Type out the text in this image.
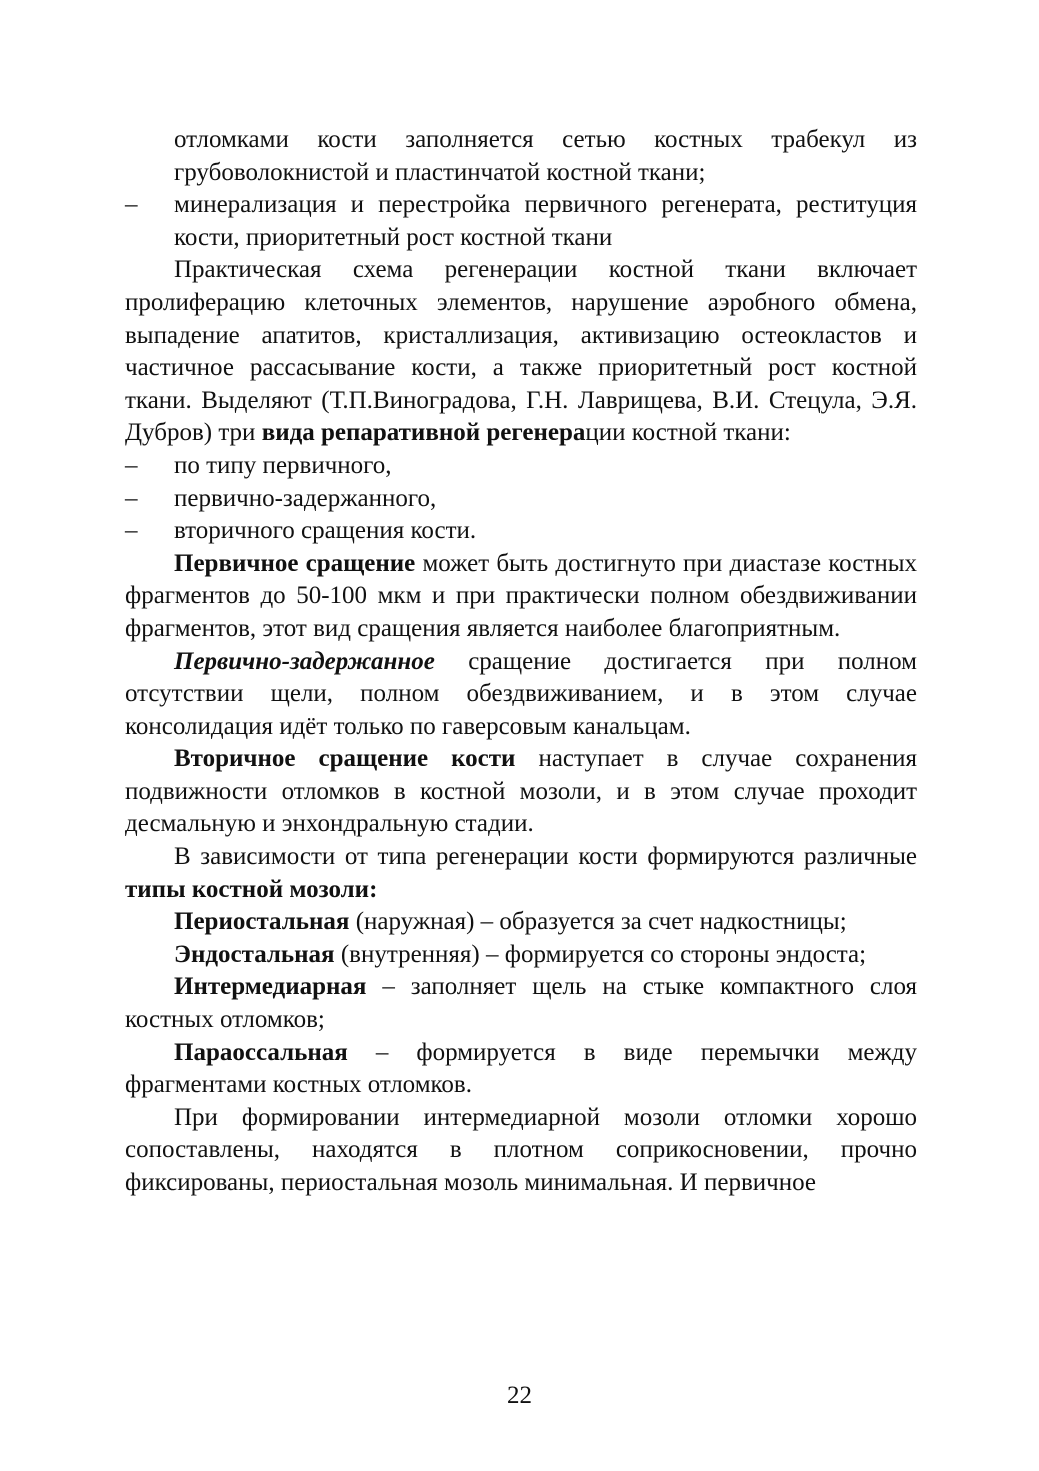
отломками кости заполняется сетью костных трабекул из грубоволокнистой и пластинчатой костной ткани;

– минерализация и перестройка первичного регенерата, реституция кости, приоритетный рост костной ткани

Практическая схема регенерации костной ткани включает пролиферацию клеточных элементов, нарушение аэробного обмена, выпадение апатитов, кристаллизация, активизацию остеокластов и частичное рассасывание кости, а также приоритетный рост костной ткани. Выделяют (Т.П.Виноградова, Г.Н. Лаврищева, В.И. Стецула, Э.Я. Дубров) три вида репаративной регенерации костной ткани:

– по типу первичного,

– первично-задержанного,

– вторичного сращения кости.

Первичное сращение может быть достигнуто при диастазе костных фрагментов до 50-100 мкм и при практически полном обездвиживании фрагментов, этот вид сращения является наиболее благоприятным.

Первично-задержанное сращение достигается при полном отсутствии щели, полном обездвиживанием, и в этом случае консолидация идёт только по гаверсовым канальцам.

Вторичное сращение кости наступает в случае сохранения подвижности отломков в костной мозоли, и в этом случае проходит десмальную и энхондральную стадии.

В зависимости от типа регенерации кости формируются различные типы костной мозоли:

Периостальная (наружная) – образуется за счет надкостницы;

Эндостальная (внутренняя) – формируется со стороны эндоста;

Интермедиарная – заполняет щель на стыке компактного слоя костных отломков;

Параоссальная – формируется в виде перемычки между фрагментами костных отломков.

При формировании интермедиарной мозоли отломки хорошо сопоставлены, находятся в плотном соприкосновении, прочно фиксированы, периостальная мозоль минимальная. И первичное

22
